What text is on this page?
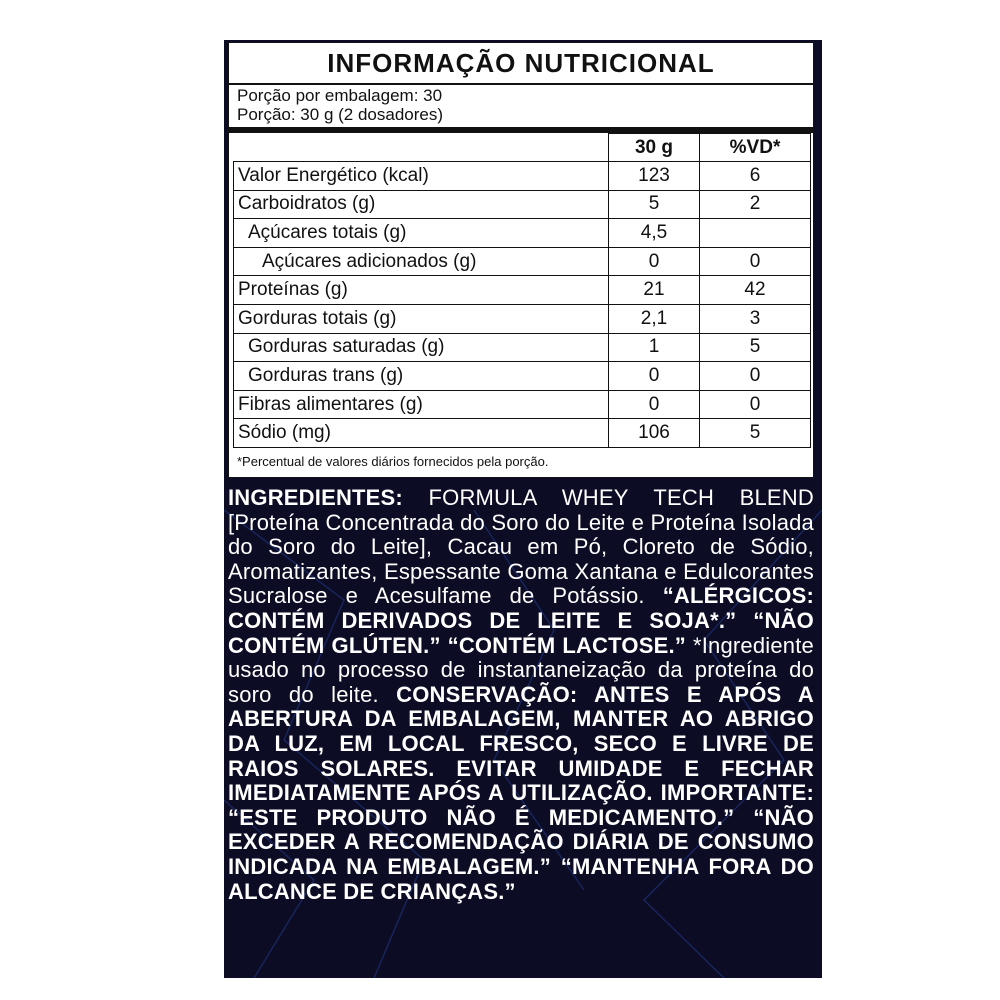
INFORMAÇÃO NUTRICIONAL
Porção por embalagem: 30
Porção: 30 g (2 dosadores)
	30 g	%VD*
Valor Energético (kcal)	123	6
Carboidratos (g)	5	2
Açúcares totais (g)	4,5	
Açúcares adicionados (g)	0	0
Proteínas (g)	21	42
Gorduras totais (g)	2,1	3
Gorduras saturadas (g)	1	5
Gorduras trans (g)	0	0
Fibras alimentares (g)	0	0
Sódio (mg)	106	5
*Percentual de valores diários fornecidos pela porção.
INGREDIENTES: FORMULA WHEY TECH BLEND [Proteína Concentrada do Soro do Leite e Proteína Isolada do Soro do Leite], Cacau em Pó, Cloreto de Sódio, Aromatizantes, Espessante Goma Xantana e Edulcorantes Sucralose e Acesulfame de Potássio. “ALÉRGICOS: CONTÉM DERIVADOS DE LEITE E SOJA*.” “NÃO CONTÉM GLÚTEN.” “CONTÉM LACTOSE.” *Ingrediente usado no processo de instantaneização da proteína do soro do leite. CONSERVAÇÃO: ANTES E APÓS A ABERTURA DA EMBALAGEM, MANTER AO ABRIGO DA LUZ, EM LOCAL FRESCO, SECO E LIVRE DE RAIOS SOLARES. EVITAR UMIDADE E FECHAR IMEDIATAMENTE APÓS A UTILIZAÇÃO. IMPORTANTE: “ESTE PRODUTO NÃO É MEDICAMENTO.” “NÃO EXCEDER A RECOMENDAÇÃO DIÁRIA DE CONSUMO INDICADA NA EMBALAGEM.” “MANTENHA FORA DO ALCANCE DE CRIANÇAS.”
